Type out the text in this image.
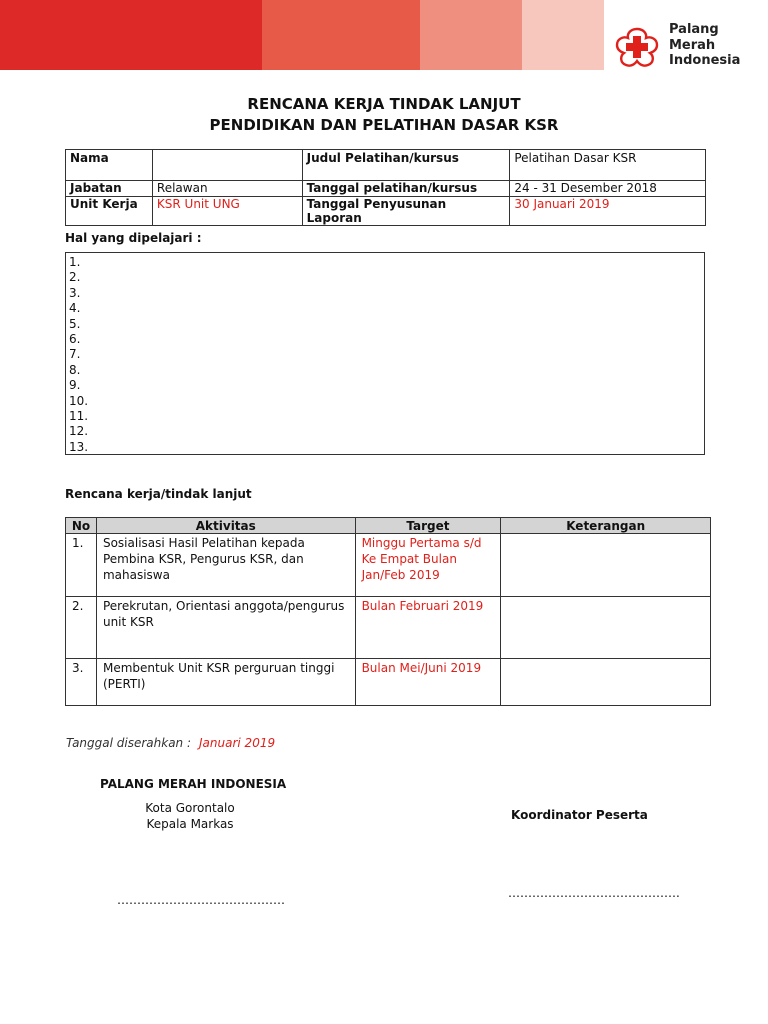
Palang
Merah
Indonesia
RENCANA KERJA TINDAK LANJUT
PENDIDIKAN DAN PELATIHAN DASAR KSR
Nama		Judul Pelatihan/kursus	Pelatihan Dasar KSR
Jabatan	Relawan	Tanggal pelatihan/kursus	24 - 31 Desember 2018
Unit Kerja	KSR Unit UNG	Tanggal Penyusunan Laporan	30 Januari 2019
Hal yang dipelajari :
1.
2.
3.
4.
5.
6.
7.
8.
9.
10.
11.
12.
13.
Rencana kerja/tindak lanjut
No	Aktivitas	Target	Keterangan
1.	Sosialisasi Hasil Pelatihan kepada Pembina KSR, Pengurus KSR, dan mahasiswa	Minggu Pertama s/d Ke Empat Bulan Jan/Feb 2019	
2.	Perekrutan, Orientasi anggota/pengurus unit KSR	Bulan Februari 2019	
3.	Membentuk Unit KSR perguruan tinggi (PERTI)	Bulan Mei/Juni 2019	
Tanggal diserahkan : Januari 2019
PALANG MERAH INDONESIA
Kota Gorontalo
Kepala Markas
Koordinator Peserta
……………………………………	…………………………………….
